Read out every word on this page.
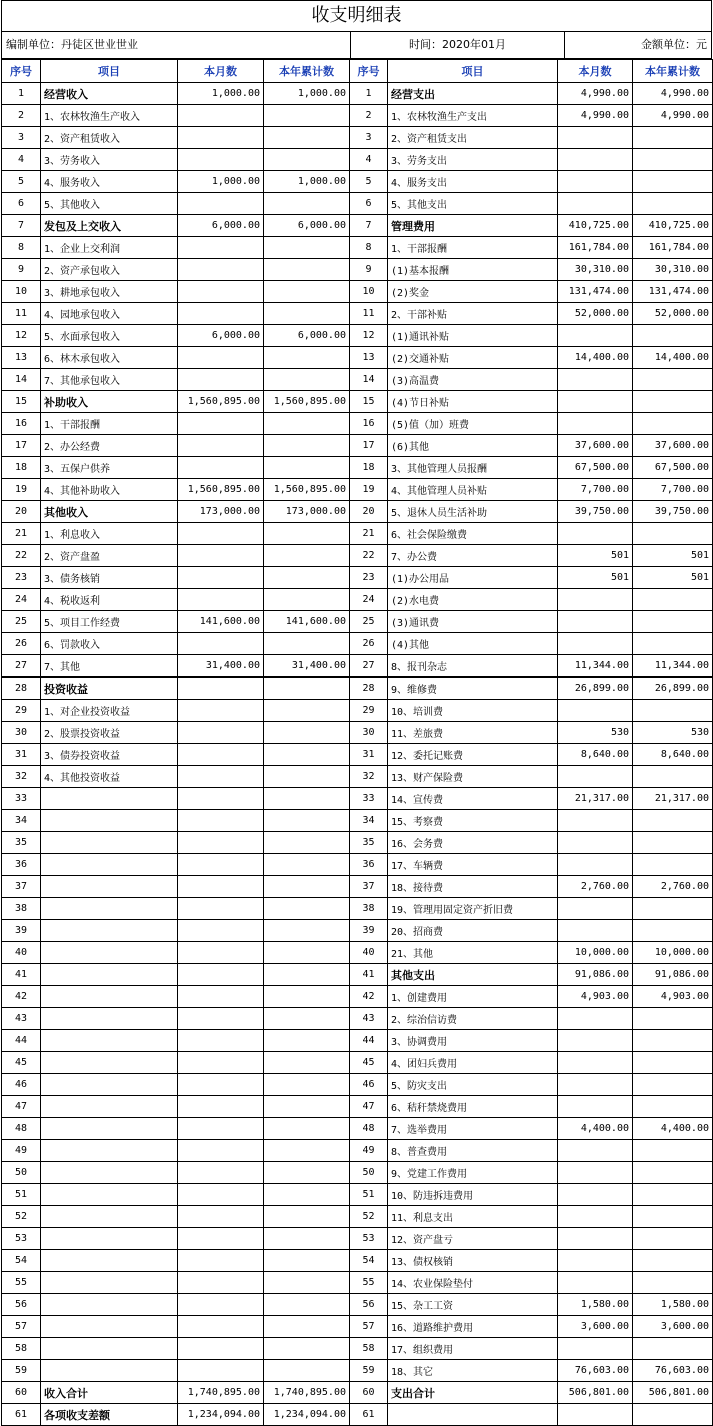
收支明细表
编制单位：丹徒区世业世业	时间：2020年01月	金额单位：元
序号	项目	本月数	本年累计数	序号	项目	本月数	本年累计数
1	经营收入	1,000.00	1,000.00	1	经营支出	4,990.00	4,990.00
2	1、农林牧渔生产收入			2	1、农林牧渔生产支出	4,990.00	4,990.00
3	2、资产租赁收入			3	2、资产租赁支出		
4	3、劳务收入			4	3、劳务支出		
5	4、服务收入	1,000.00	1,000.00	5	4、服务支出		
6	5、其他收入			6	5、其他支出		
7	发包及上交收入	6,000.00	6,000.00	7	管理费用	410,725.00	410,725.00
8	1、企业上交利润			8	1、干部报酬	161,784.00	161,784.00
9	2、资产承包收入			9	(1)基本报酬	30,310.00	30,310.00
10	3、耕地承包收入			10	(2)奖金	131,474.00	131,474.00
11	4、园地承包收入			11	2、干部补贴	52,000.00	52,000.00
12	5、水面承包收入	6,000.00	6,000.00	12	(1)通讯补贴		
13	6、林木承包收入			13	(2)交通补贴	14,400.00	14,400.00
14	7、其他承包收入			14	(3)高温费		
15	补助收入	1,560,895.00	1,560,895.00	15	(4)节日补贴		
16	1、干部报酬			16	(5)值（加）班费		
17	2、办公经费			17	(6)其他	37,600.00	37,600.00
18	3、五保户供养			18	3、其他管理人员报酬	67,500.00	67,500.00
19	4、其他补助收入	1,560,895.00	1,560,895.00	19	4、其他管理人员补贴	7,700.00	7,700.00
20	其他收入	173,000.00	173,000.00	20	5、退休人员生活补助	39,750.00	39,750.00
21	1、利息收入			21	6、社会保险缴费		
22	2、资产盘盈			22	7、办公费	501	501
23	3、债务核销			23	(1)办公用品	501	501
24	4、税收返利			24	(2)水电费		
25	5、项目工作经费	141,600.00	141,600.00	25	(3)通讯费		
26	6、罚款收入			26	(4)其他		
27	7、其他	31,400.00	31,400.00	27	8、报刊杂志	11,344.00	11,344.00
28	投资收益			28	9、维修费	26,899.00	26,899.00
29	1、对企业投资收益			29	10、培训费		
30	2、股票投资收益			30	11、差旅费	530	530
31	3、债券投资收益			31	12、委托记账费	8,640.00	8,640.00
32	4、其他投资收益			32	13、财产保险费		
33				33	14、宣传费	21,317.00	21,317.00
34				34	15、考察费		
35				35	16、会务费		
36				36	17、车辆费		
37				37	18、接待费	2,760.00	2,760.00
38				38	19、管理用固定资产折旧费		
39				39	20、招商费		
40				40	21、其他	10,000.00	10,000.00
41				41	其他支出	91,086.00	91,086.00
42				42	1、创建费用	4,903.00	4,903.00
43				43	2、综治信访费		
44				44	3、协调费用		
45				45	4、团妇兵费用		
46				46	5、防灾支出		
47				47	6、秸秆禁烧费用		
48				48	7、选举费用	4,400.00	4,400.00
49				49	8、普查费用		
50				50	9、党建工作费用		
51				51	10、防违拆违费用		
52				52	11、利息支出		
53				53	12、资产盘亏		
54				54	13、债权核销		
55				55	14、农业保险垫付		
56				56	15、杂工工资	1,580.00	1,580.00
57				57	16、道路维护费用	3,600.00	3,600.00
58				58	17、组织费用		
59				59	18、其它	76,603.00	76,603.00
60	收入合计	1,740,895.00	1,740,895.00	60	支出合计	506,801.00	506,801.00
61	各项收支差额	1,234,094.00	1,234,094.00	61			
